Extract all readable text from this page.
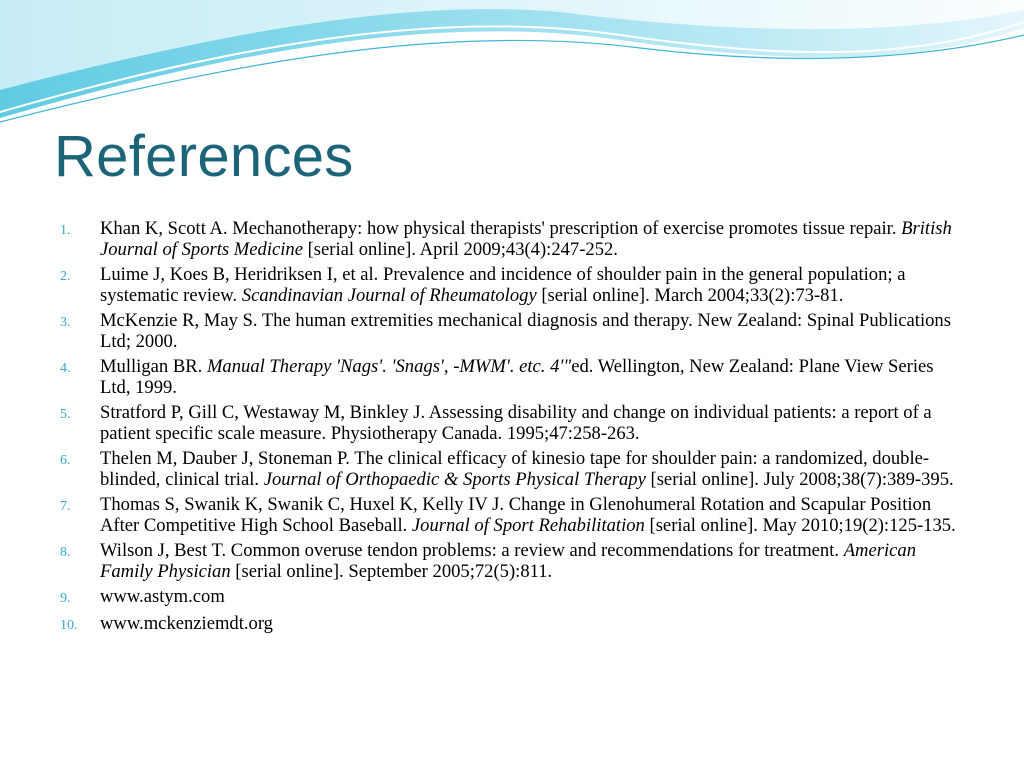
References
1.	Khan K, Scott A. Mechanotherapy: how physical therapists' prescription of exercise promotes tissue repair. British Journal of Sports Medicine [serial online]. April 2009;43(4):247-252.
2.	Luime J, Koes B, Heridriksen I, et al. Prevalence and incidence of shoulder pain in the general population; a systematic review. Scandinavian Journal of Rheumatology [serial online]. March 2004;33(2):73-81.
3.	McKenzie R, May S. The human extremities mechanical diagnosis and therapy. New Zealand: Spinal Publications Ltd; 2000.
4.	Mulligan BR. Manual Therapy 'Nags'. 'Snags', -MWM'. etc. 4'"ed. Wellington, New Zealand: Plane View Series Ltd, 1999.
5.	Stratford P, Gill C, Westaway M, Binkley J. Assessing disability and change on individual patients: a report of a patient specific scale measure. Physiotherapy Canada. 1995;47:258-263.
6.	Thelen M, Dauber J, Stoneman P. The clinical efficacy of kinesio tape for shoulder pain: a randomized, double-blinded, clinical trial. Journal of Orthopaedic & Sports Physical Therapy [serial online]. July 2008;38(7):389-395.
7.	Thomas S, Swanik K, Swanik C, Huxel K, Kelly IV J. Change in Glenohumeral Rotation and Scapular Position After Competitive High School Baseball. Journal of Sport Rehabilitation [serial online]. May 2010;19(2):125-135.
8.	Wilson J, Best T. Common overuse tendon problems: a review and recommendations for treatment. American Family Physician [serial online]. September 2005;72(5):811.
9.	www.astym.com
10.	www.mckenziemdt.org
